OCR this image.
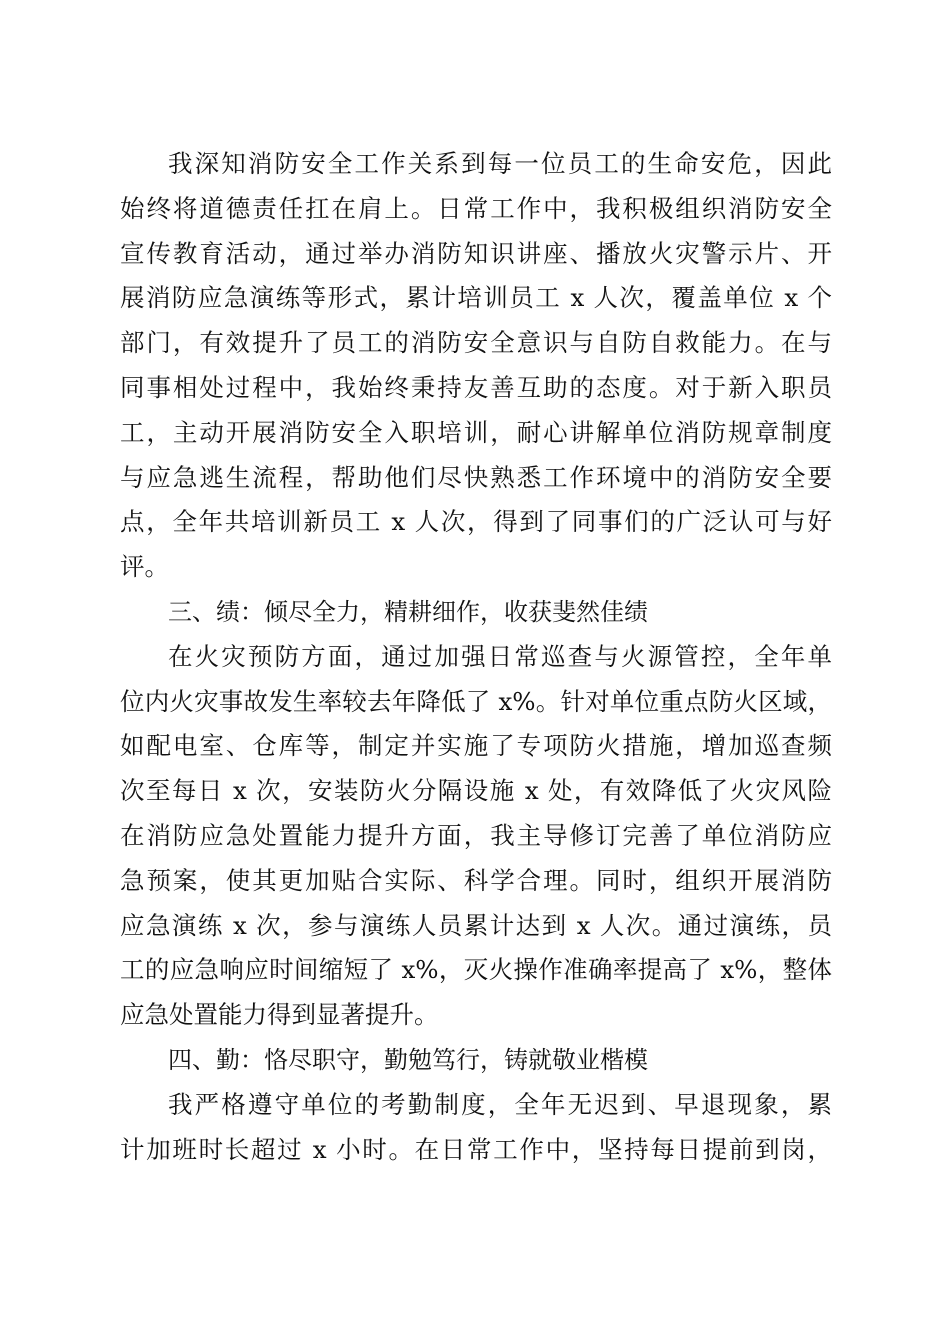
我深知消防安全工作关系到每一位员工的生命安危，因此
始终将道德责任扛在肩上。日常工作中，我积极组织消防安全
宣传教育活动，通过举办消防知识讲座、播放火灾警示片、开
展消防应急演练等形式，累计培训员工 x 人次，覆盖单位 x 个
部门，有效提升了员工的消防安全意识与自防自救能力。在与
同事相处过程中，我始终秉持友善互助的态度。对于新入职员
工，主动开展消防安全入职培训，耐心讲解单位消防规章制度
与应急逃生流程，帮助他们尽快熟悉工作环境中的消防安全要
点，全年共培训新员工 x 人次，得到了同事们的广泛认可与好
评。
三、绩：倾尽全力，精耕细作，收获斐然佳绩
在火灾预防方面，通过加强日常巡查与火源管控，全年单
位内火灾事故发生率较去年降低了 x%。针对单位重点防火区域，
如配电室、仓库等，制定并实施了专项防火措施，增加巡查频
次至每日 x 次，安装防火分隔设施 x 处，有效降低了火灾风险
在消防应急处置能力提升方面，我主导修订完善了单位消防应
急预案，使其更加贴合实际、科学合理。同时，组织开展消防
应急演练 x 次，参与演练人员累计达到 x 人次。通过演练，员
工的应急响应时间缩短了 x%，灭火操作准确率提高了 x%，整体
应急处置能力得到显著提升。
四、勤：恪尽职守，勤勉笃行，铸就敬业楷模
我严格遵守单位的考勤制度，全年无迟到、早退现象，累
计加班时长超过 x 小时。在日常工作中，坚持每日提前到岗，
